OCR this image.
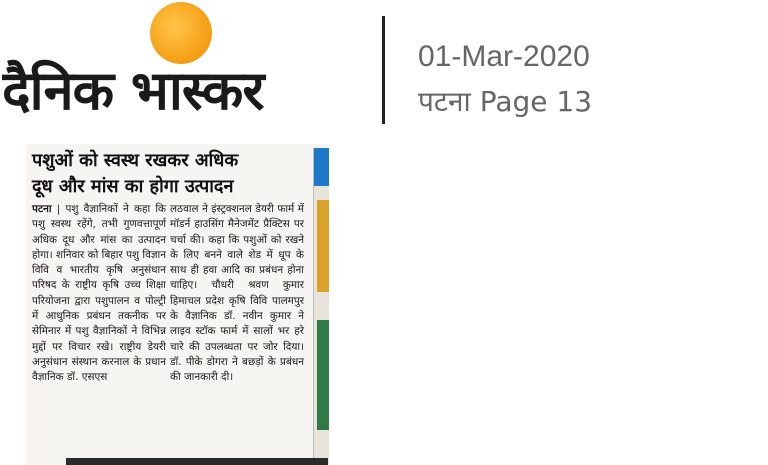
दैनिक भास्कर
01-Mar-2020
पटना Page 13
पशुओं को स्वस्थ रखकर अधिक
दूध और मांस का होगा उत्पादन
पटना | पशु वैज्ञानिकों ने कहा कि पशु स्वस्थ रहेंगे, तभी गुणवत्तापूर्ण अधिक दूध और मांस का उत्पादन होगा। शनिवार को बिहार पशु विज्ञान विवि व भारतीय कृषि अनुसंधान परिषद के राष्ट्रीय कृषि उच्च शिक्षा परियोजना द्वारा पशुपालन व पोल्ट्री में आधुनिक प्रबंधन तकनीक पर सेमिनार में पशु वैज्ञानिकों ने विभिन्न मुद्दों पर विचार रखे। राष्ट्रीय डेयरी अनुसंधान संस्थान करनाल के प्रधान वैज्ञानिक डॉ. एसएस
लठवाल ने इंस्ट्रक्शनल डेयरी फार्म में मॉडर्न हाउसिंग मैनेजमेंट प्रैक्टिस पर चर्चा की। कहा कि पशुओं को रखने के लिए बनने वाले शेड में धूप के साथ ही हवा आदि का प्रबंधन होना चाहिए। चौधरी श्रवण कुमार हिमाचल प्रदेश कृषि विवि पालमपुर के वैज्ञानिक डॉ. नवीन कुमार ने लाइव स्टॉक फार्म में सालों भर हरे चारे की उपलब्धता पर जोर दिया। डॉ. पीके डोगरा ने बछड़ों के प्रबंधन की जानकारी दी।
